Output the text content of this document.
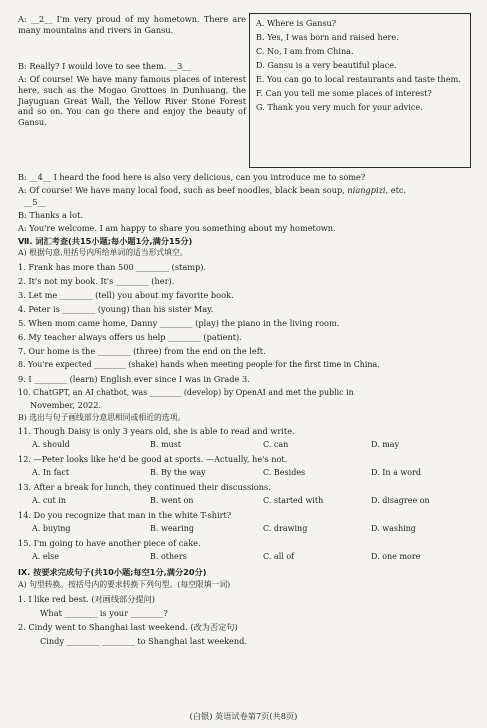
A: __2__ I'm very proud of my hometown. There are many mountains and rivers in Gansu.
B: Really? I would love to see them. __3__
A: Of course! We have many famous places of interest here, such as the Mogao Grottoes in Dunhuang, the Jiayuguan Great Wall, the Yellow River Stone Forest and so on. You can go there and enjoy the beauty of Gansu.
A. Where is Gansu?
B. Yes, I was born and raised here.
C. No, I am from China.
D. Gansu is a very beautiful place.
E. You can go to local restaurants and taste them.
F. Can you tell me some places of interest?
G. Thank you very much for your advice.
B: __4__ I heard the food here is also very delicious, can you introduce me to some?
A: Of course! We have many local food, such as beef noodles, black bean soup, niangpizi, etc.
__5__
B: Thanks a lot.
A: You're welcome. I am happy to share you something about my hometown.
Ⅶ. 词汇考查(共15小题;每小题1分,满分15分)
A) 根据句意,用括号内所给单词的适当形式填空。
1. Frank has more than 500 ________ (stamp).
2. It's not my book. It's ________ (her).
3. Let me ________ (tell) you about my favorite book.
4. Peter is ________ (young) than his sister May.
5. When mom came home, Danny ________ (play) the piano in the living room.
6. My teacher always offers us help ________ (patient).
7. Our home is the ________ (three) from the end on the left.
8. You're expected ________ (shake) hands when meeting people for the first time in China.
9. I ________ (learn) English ever since I was in Grade 3.
10. ChatGPT, an AI chatbot, was ________ (develop) by OpenAI and met the public in
November, 2022.
B) 选出与句子画线部分意思相同或相近的选项。
11. Though Daisy is only 3 years old, she is able to read and write.
A. should	B. must	C. can	D. may
12. —Peter looks like he'd be good at sports. —Actually, he's not.
A. In fact	B. By the way	C. Besides	D. In a word
13. After a break for lunch, they continued their discussions.
A. cut in	B. went on	C. started with	D. disagree on
14. Do you recognize that man in the white T-shirt?
A. buying	B. wearing	C. drawing	D. washing
15. I'm going to have another piece of cake.
A. else	B. others	C. all of	D. one more
Ⅸ. 按要求完成句子(共10小题;每空1分,满分20分)
A) 句型转换。按括号内的要求转换下列句型。(每空限填一词)
1. I like red best. (对画线部分提问)
What ________ is your ________?
2. Cindy went to Shanghai last weekend. (改为否定句)
Cindy ________ ________ to Shanghai last weekend.
(白银) 英语试卷第7页(共8页)
